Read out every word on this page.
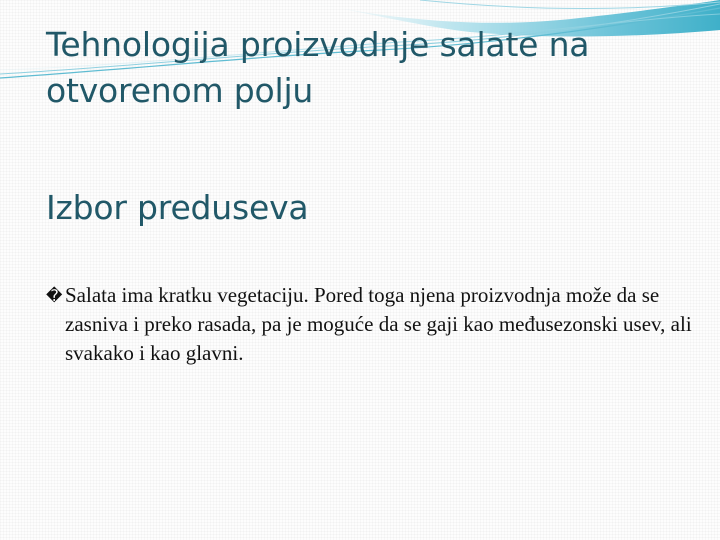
Tehnologija proizvodnje salate na otvorenom polju
Izbor preduseva

� Salata ima kratku vegetaciju. Pored toga njena proizvodnja može da se zasniva i preko rasada, pa je moguće da se gaji kao međusezonski usev, ali svakako i kao glavni.
